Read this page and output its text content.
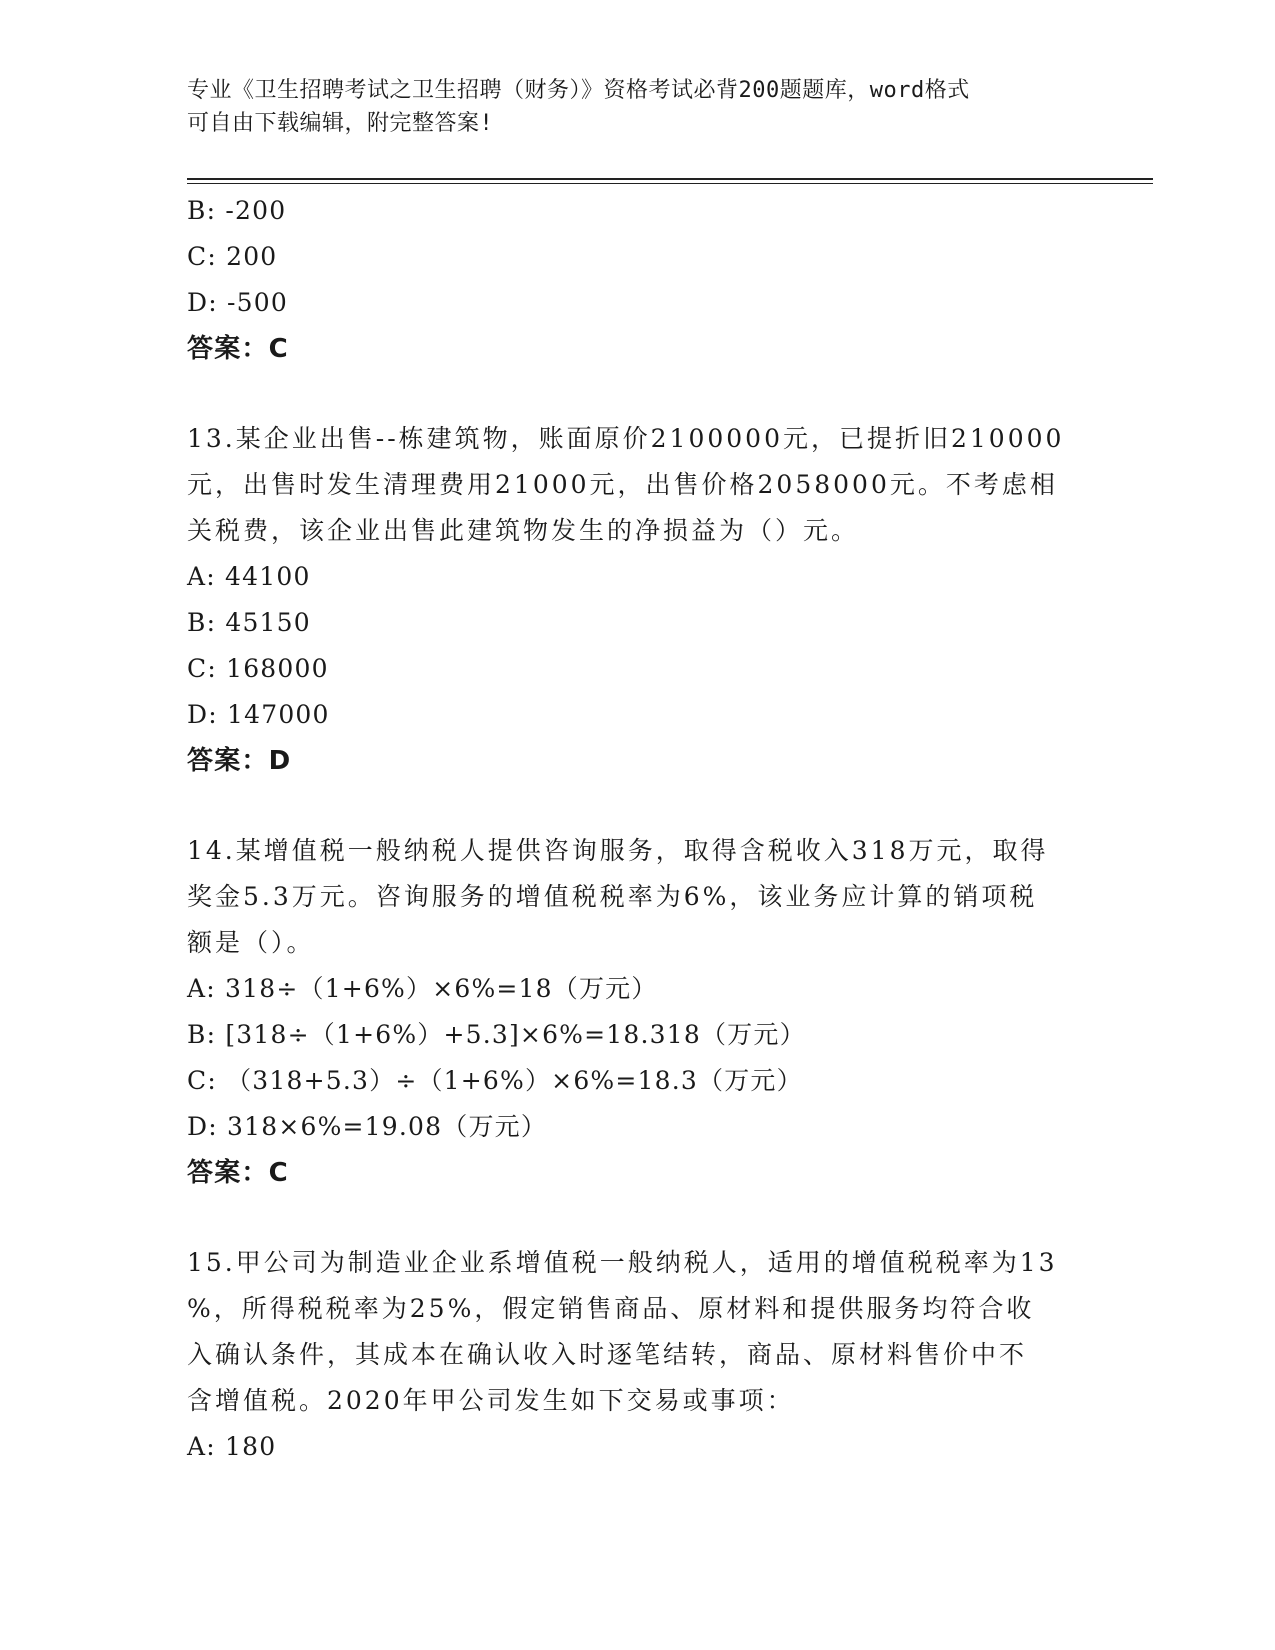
专业《卫生招聘考试之卫生招聘（财务）》资格考试必背200题题库，word格式
可自由下载编辑，附完整答案!
B: -200
C: 200
D: -500
答案：C
13.某企业出售--栋建筑物，账面原价2100000元，已提折旧210000
元，出售时发生清理费用21000元，出售价格2058000元。不考虑相
关税费，该企业出售此建筑物发生的净损益为（）元。
A: 44100
B: 45150
C: 168000
D: 147000
答案：D
14.某增值税一般纳税人提供咨询服务，取得含税收入318万元，取得
奖金5.3万元。咨询服务的增值税税率为6%，该业务应计算的销项税
额是（）。
A: 318÷（1+6%）×6%=18（万元）
B: [318÷（1+6%）+5.3]×6%=18.318（万元）
C: （318+5.3）÷（1+6%）×6%=18.3（万元）
D: 318×6%=19.08（万元）
答案：C
15.甲公司为制造业企业系增值税一般纳税人，适用的增值税税率为13
%，所得税税率为25%，假定销售商品、原材料和提供服务均符合收
入确认条件，其成本在确认收入时逐笔结转，商品、原材料售价中不
含增值税。2020年甲公司发生如下交易或事项：
A: 180
